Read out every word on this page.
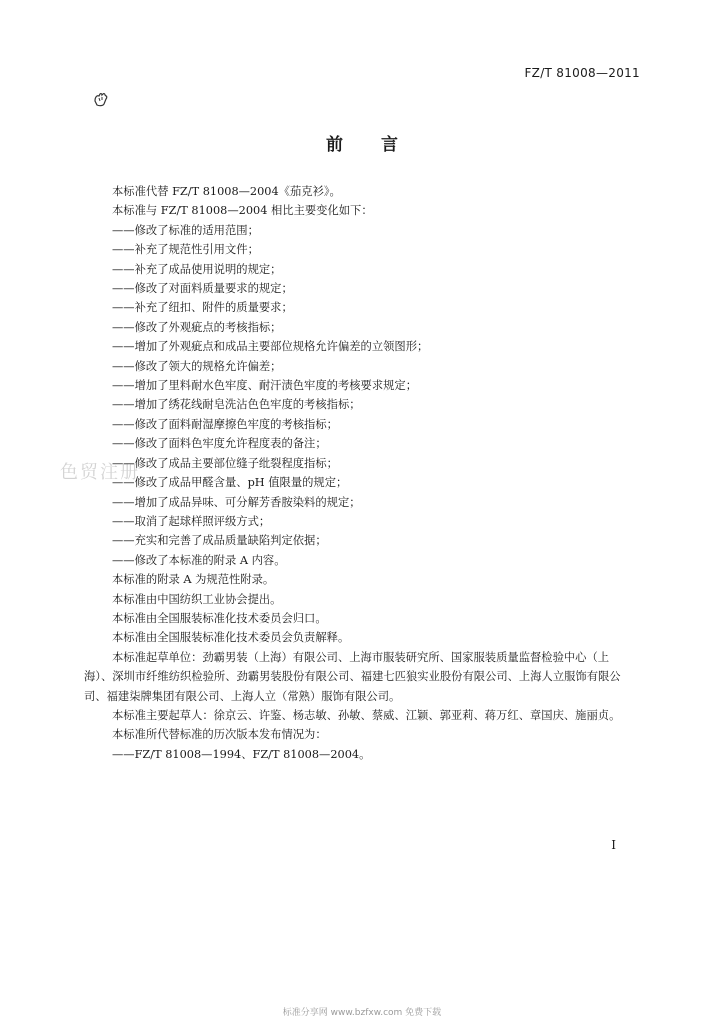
FZ/T 81008—2011
前言
色贸注册

本标准代替 FZ/T 81008—2004《茄克衫》。

本标准与 FZ/T 81008—2004 相比主要变化如下：

——修改了标准的适用范围；

——补充了规范性引用文件；

——补充了成品使用说明的规定；

——修改了对面料质量要求的规定；

——补充了纽扣、附件的质量要求；

——修改了外观疵点的考核指标；

——增加了外观疵点和成品主要部位规格允许偏差的立领图形；

——修改了领大的规格允许偏差；

——增加了里料耐水色牢度、耐汗渍色牢度的考核要求规定；

——增加了绣花线耐皂洗沾色色牢度的考核指标；

——修改了面料耐湿摩擦色牢度的考核指标；

——修改了面料色牢度允许程度表的备注；

——修改了成品主要部位缝子纰裂程度指标；

——修改了成品甲醛含量、pH 值限量的规定；

——增加了成品异味、可分解芳香胺染料的规定；

——取消了起球样照评级方式；

——充实和完善了成品质量缺陷判定依据；

——修改了本标准的附录 A 内容。

本标准的附录 A 为规范性附录。

本标准由中国纺织工业协会提出。

本标准由全国服装标准化技术委员会归口。

本标准由全国服装标准化技术委员会负责解释。

本标准起草单位：劲霸男装（上海）有限公司、上海市服装研究所、国家服装质量监督检验中心（上海）、深圳市纤维纺织检验所、劲霸男装股份有限公司、福建七匹狼实业股份有限公司、上海人立服饰有限公司、福建柒牌集团有限公司、上海人立（常熟）服饰有限公司。

本标准主要起草人：徐京云、许鉴、杨志敏、孙敏、蔡威、江颖、郭亚莉、蒋万红、章国庆、施丽贞。

本标准所代替标准的历次版本发布情况为：

——FZ/T 81008—1994、FZ/T 81008—2004。

I
标准分享网 www.bzfxw.com 免费下载
